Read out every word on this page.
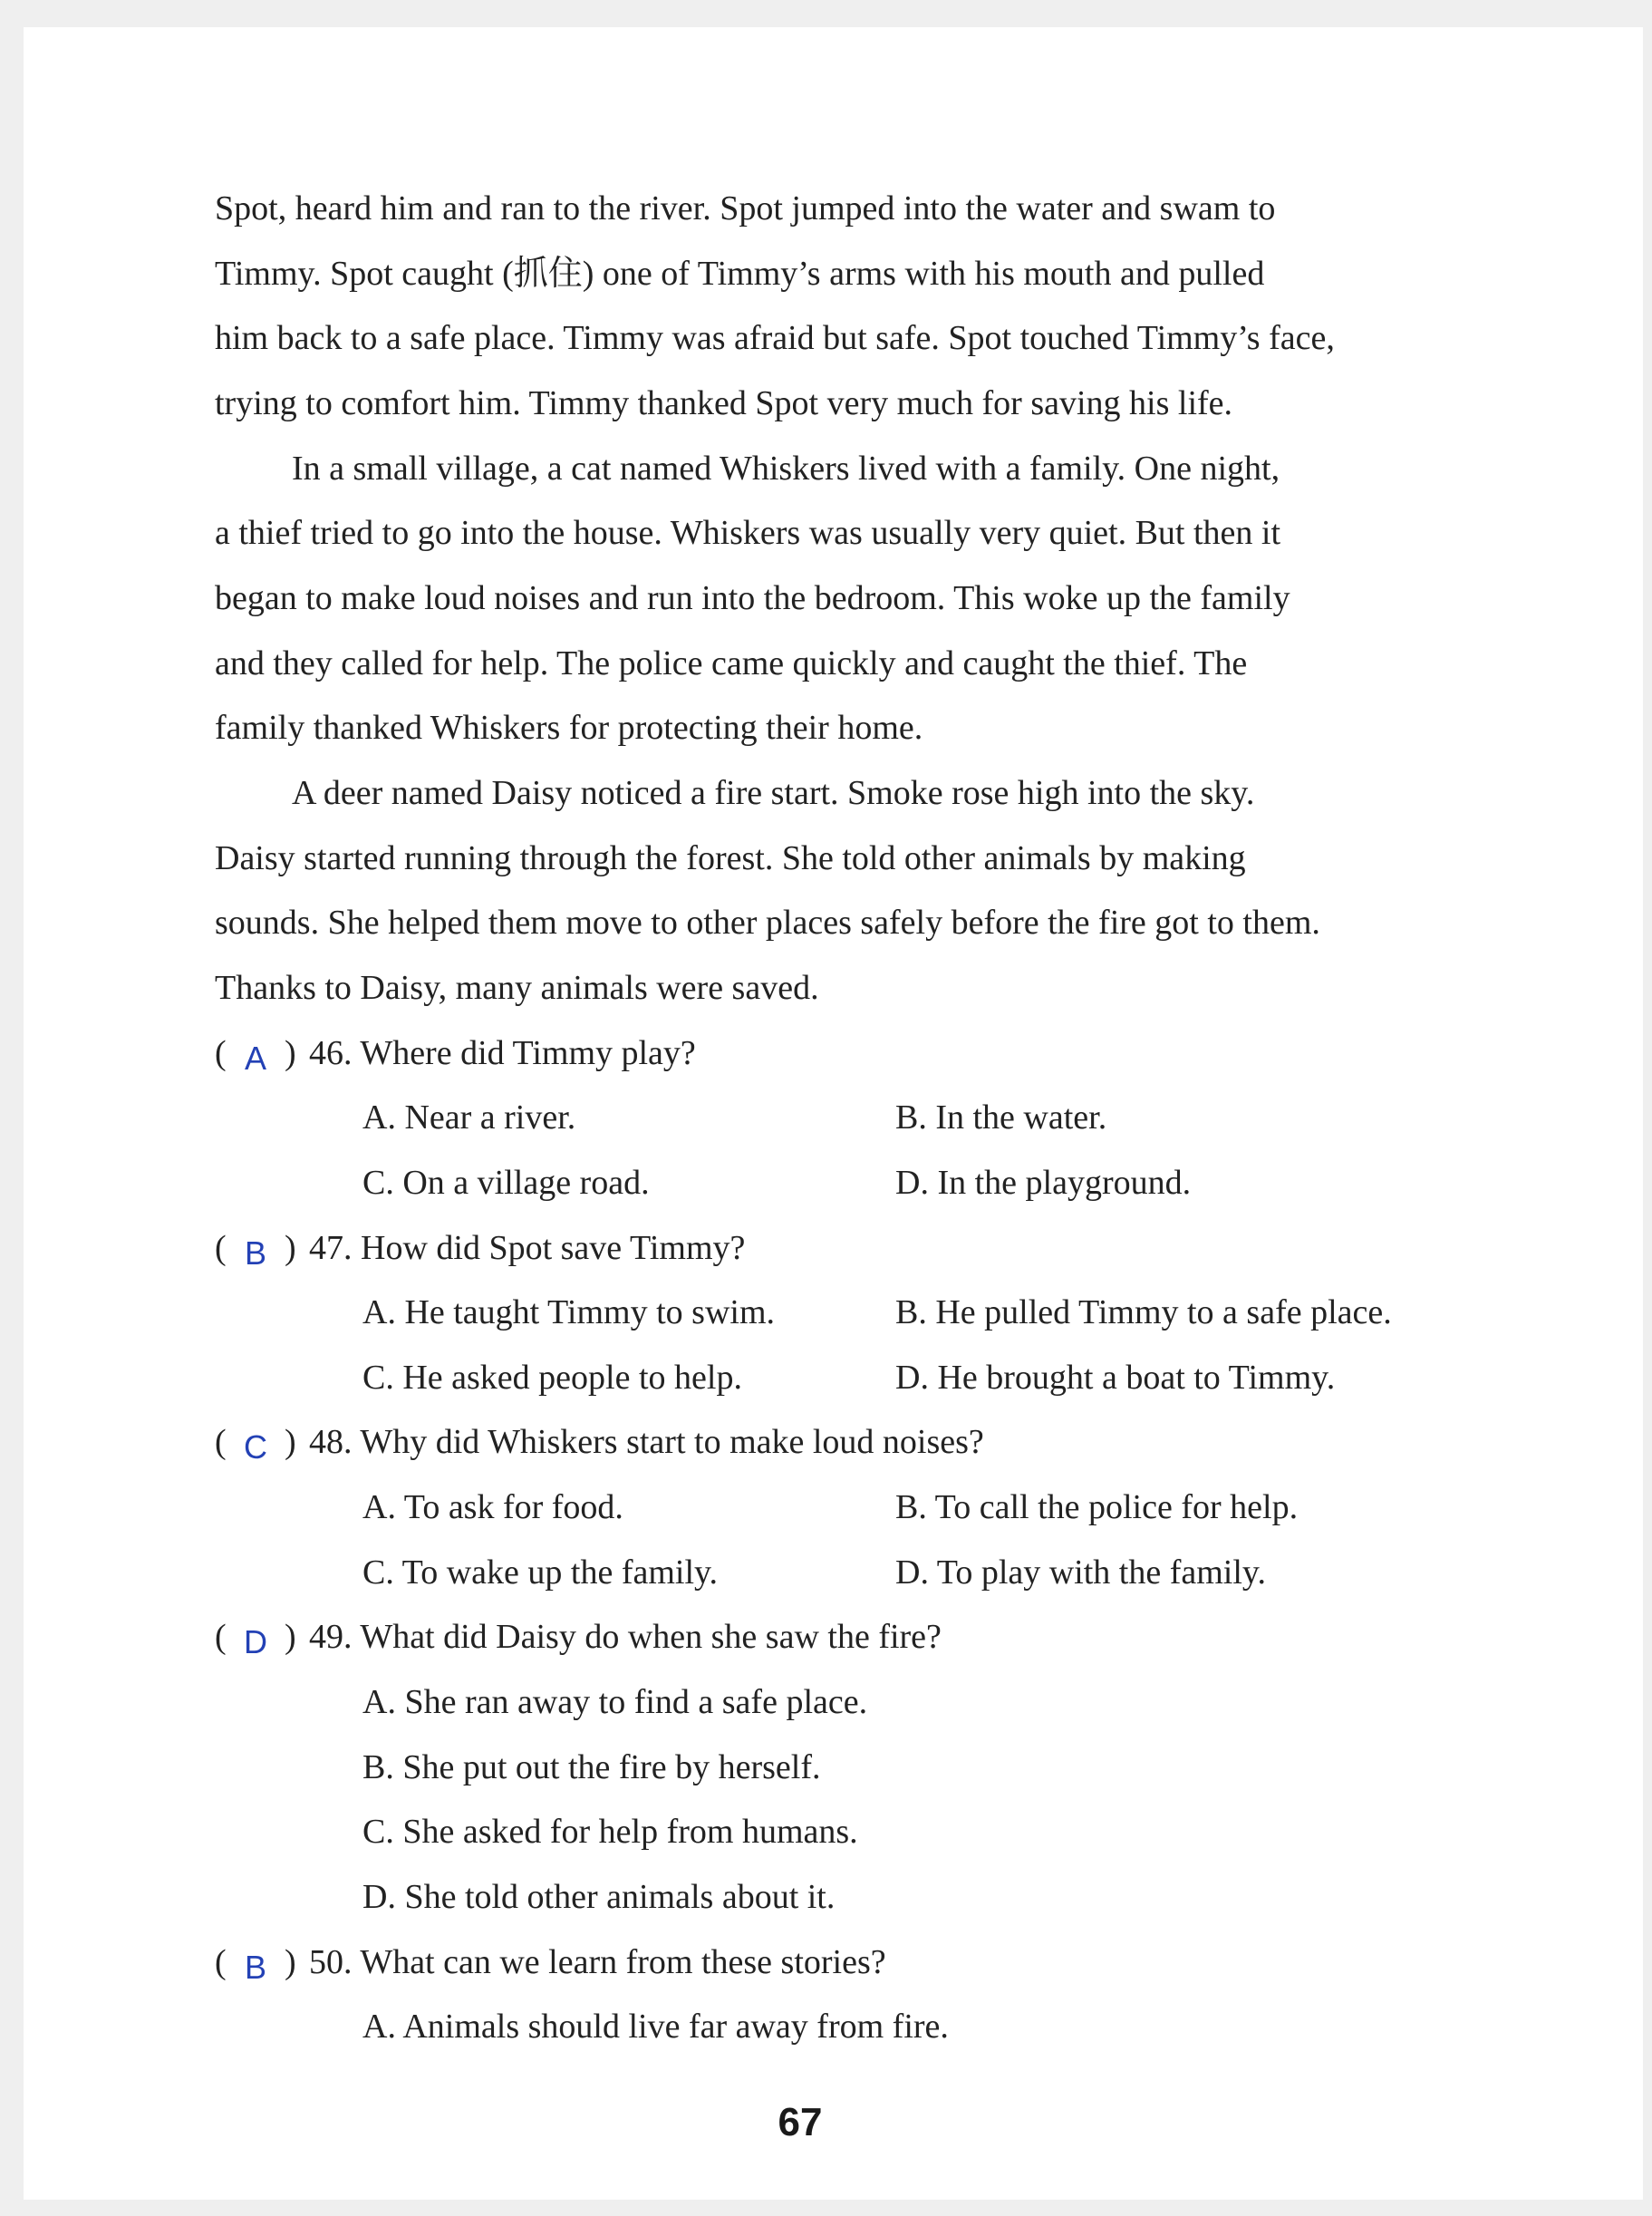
Spot, heard him and ran to the river. Spot jumped into the water and swam to
Timmy. Spot caught (抓住) one of Timmy’s arms with his mouth and pulled
him back to a safe place. Timmy was afraid but safe. Spot touched Timmy’s face,
trying to comfort him. Timmy thanked Spot very much for saving his life.
In a small village, a cat named Whiskers lived with a family. One night,
a thief tried to go into the house. Whiskers was usually very quiet. But then it
began to make loud noises and run into the bedroom. This woke up the family
and they called for help. The police came quickly and caught the thief. The
family thanked Whiskers for protecting their home.
A deer named Daisy noticed a fire start. Smoke rose high into the sky.
Daisy started running through the forest. She told other animals by making
sounds. She helped them move to other places safely before the fire got to them.
Thanks to Daisy, many animals were saved.
( A ) 46. Where did Timmy play?
A. Near a river.	B. In the water.
C. On a village road.	D. In the playground.
( B ) 47. How did Spot save Timmy?
A. He taught Timmy to swim.	B. He pulled Timmy to a safe place.
C. He asked people to help.	D. He brought a boat to Timmy.
( C ) 48. Why did Whiskers start to make loud noises?
A. To ask for food.	B. To call the police for help.
C. To wake up the family.	D. To play with the family.
( D ) 49. What did Daisy do when she saw the fire?
A. She ran away to find a safe place.
B. She put out the fire by herself.
C. She asked for help from humans.
D. She told other animals about it.
( B ) 50. What can we learn from these stories?
A. Animals should live far away from fire.
67
